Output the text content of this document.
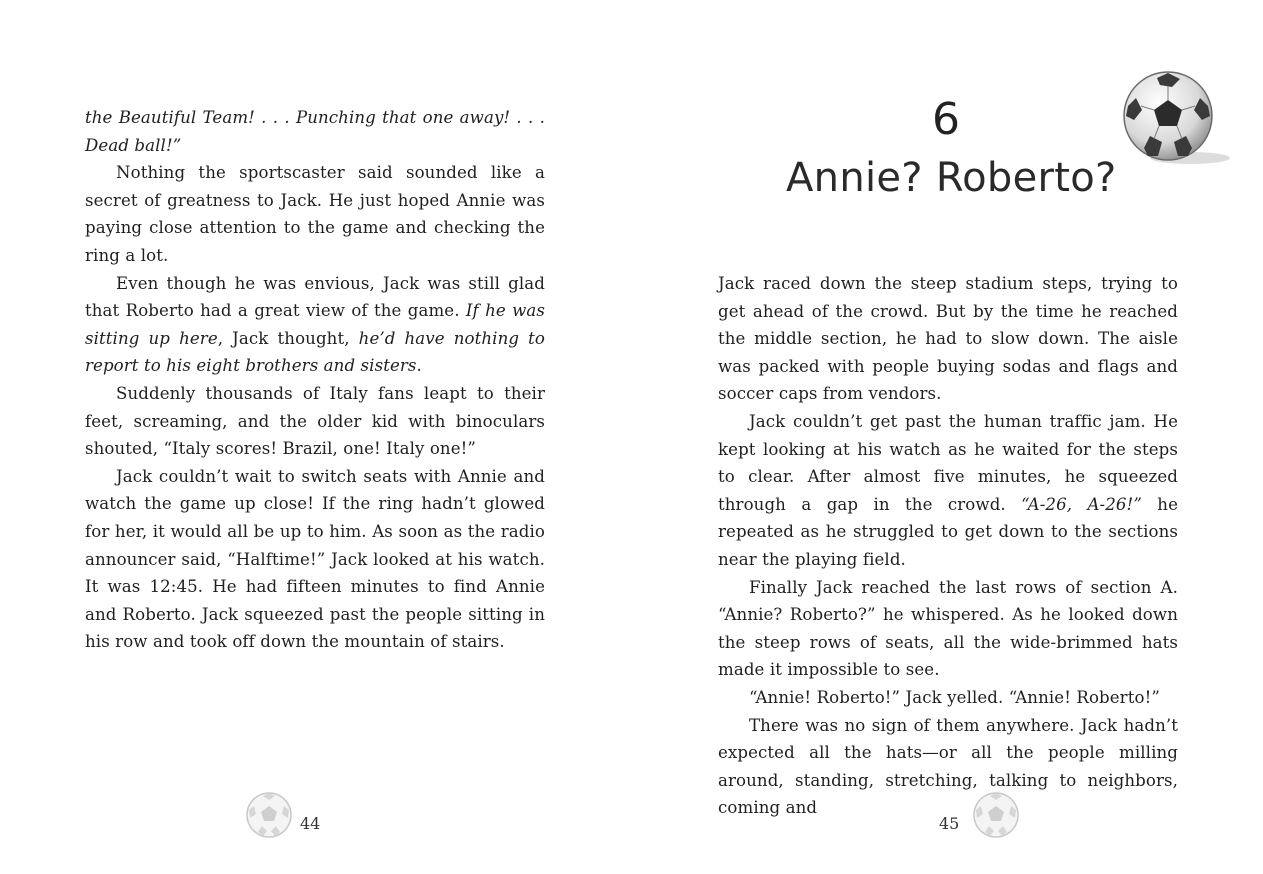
the Beautiful Team! . . . Punching that one away! . . . Dead ball!”

Nothing the sportscaster said sounded like a secret of greatness to Jack. He just hoped Annie was paying close attention to the game and checking the ring a lot.

Even though he was envious, Jack was still glad that Roberto had a great view of the game. If he was sitting up here, Jack thought, he’d have nothing to report to his eight brothers and sisters.

Suddenly thousands of Italy fans leapt to their feet, screaming, and the older kid with binoculars shouted, “Italy scores! Brazil, one! Italy one!”

Jack couldn’t wait to switch seats with Annie and watch the game up close! If the ring hadn’t glowed for her, it would all be up to him. As soon as the radio announcer said, “Halftime!” Jack looked at his watch. It was 12:45. He had fifteen minutes to find Annie and Roberto. Jack squeezed past the people sitting in his row and took off down the mountain of stairs.

44
6
Annie? Roberto?

Jack raced down the steep stadium steps, trying to get ahead of the crowd. But by the time he reached the middle section, he had to slow down. The aisle was packed with people buying sodas and flags and soccer caps from vendors.

Jack couldn’t get past the human traffic jam. He kept looking at his watch as he waited for the steps to clear. After almost five minutes, he squeezed through a gap in the crowd. “A-26, A-26!” he repeated as he struggled to get down to the sections near the playing field.

Finally Jack reached the last rows of section A. “Annie? Roberto?” he whispered. As he looked down the steep rows of seats, all the wide-brimmed hats made it impossible to see.

“Annie! Roberto!” Jack yelled. “Annie! Roberto!”

There was no sign of them anywhere. Jack hadn’t expected all the hats—or all the people milling around, standing, stretching, talking to neighbors, coming and

45
